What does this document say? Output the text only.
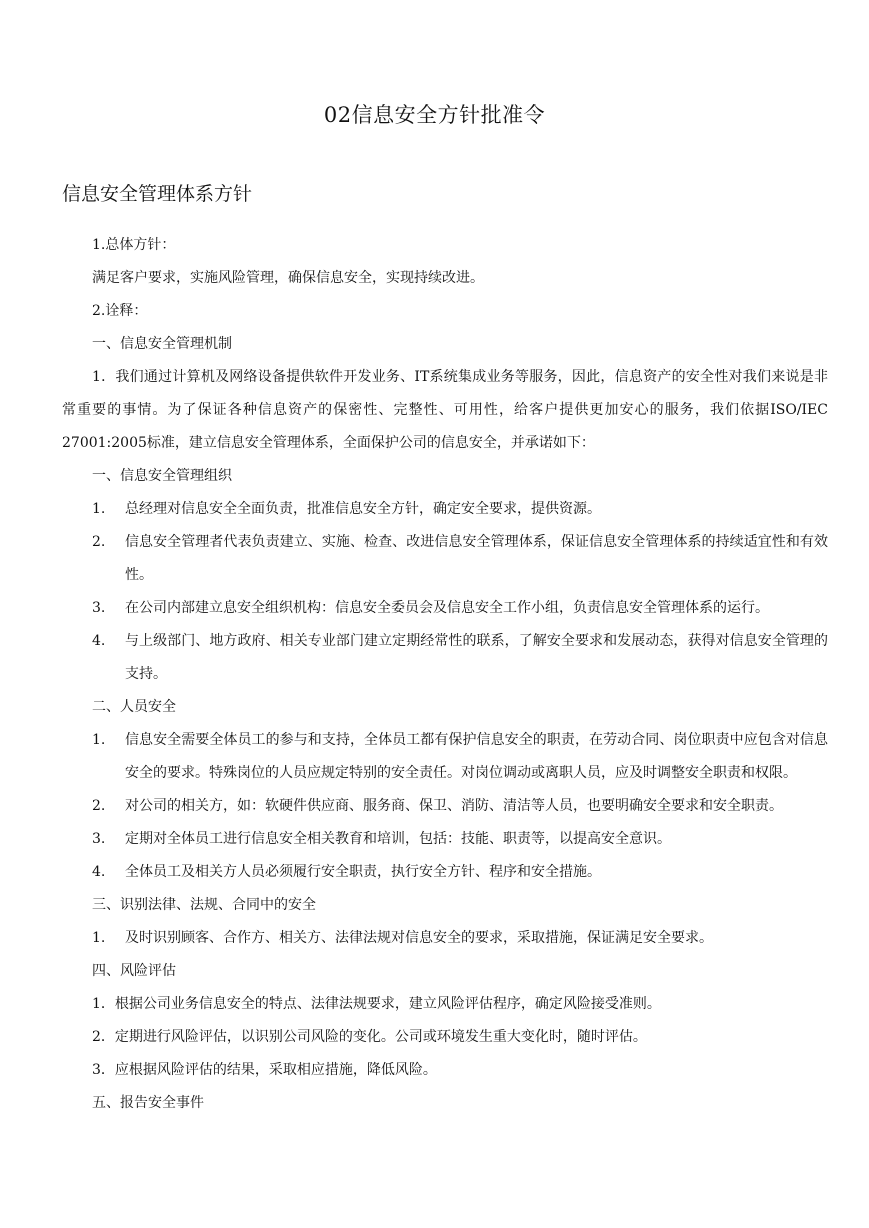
02信息安全方针批准令
信息安全管理体系方针

1.总体方针：

满足客户要求，实施风险管理，确保信息安全，实现持续改进。

2.诠释：

一、信息安全管理机制

1．我们通过计算机及网络设备提供软件开发业务、IT系统集成业务等服务，因此，信息资产的安全性对我们来说是非常重要的事情。为了保证各种信息资产的保密性、完整性、可用性，给客户提供更加安心的服务，我们依据ISO/IEC 27001:2005标准，建立信息安全管理体系，全面保护公司的信息安全，并承诺如下：

一、信息安全管理组织

1.	总经理对信息安全全面负责，批准信息安全方针，确定安全要求，提供资源。
2.	信息安全管理者代表负责建立、实施、检查、改进信息安全管理体系，保证信息安全管理体系的持续适宜性和有效性。
3.	在公司内部建立息安全组织机构：信息安全委员会及信息安全工作小组，负责信息安全管理体系的运行。
4.	与上级部门、地方政府、相关专业部门建立定期经常性的联系，了解安全要求和发展动态，获得对信息安全管理的支持。

二、人员安全

1.	信息安全需要全体员工的参与和支持，全体员工都有保护信息安全的职责，在劳动合同、岗位职责中应包含对信息安全的要求。特殊岗位的人员应规定特别的安全责任。对岗位调动或离职人员，应及时调整安全职责和权限。
2.	对公司的相关方，如：软硬件供应商、服务商、保卫、消防、清洁等人员，也要明确安全要求和安全职责。
3.	定期对全体员工进行信息安全相关教育和培训，包括：技能、职责等，以提高安全意识。
4.	全体员工及相关方人员必须履行安全职责，执行安全方针、程序和安全措施。

三、识别法律、法规、合同中的安全

1.	及时识别顾客、合作方、相关方、法律法规对信息安全的要求，采取措施，保证满足安全要求。

四、风险评估

1．根据公司业务信息安全的特点、法律法规要求，建立风险评估程序，确定风险接受准则。

2．定期进行风险评估，以识别公司风险的变化。公司或环境发生重大变化时，随时评估。

3．应根据风险评估的结果，采取相应措施，降低风险。

五、报告安全事件
